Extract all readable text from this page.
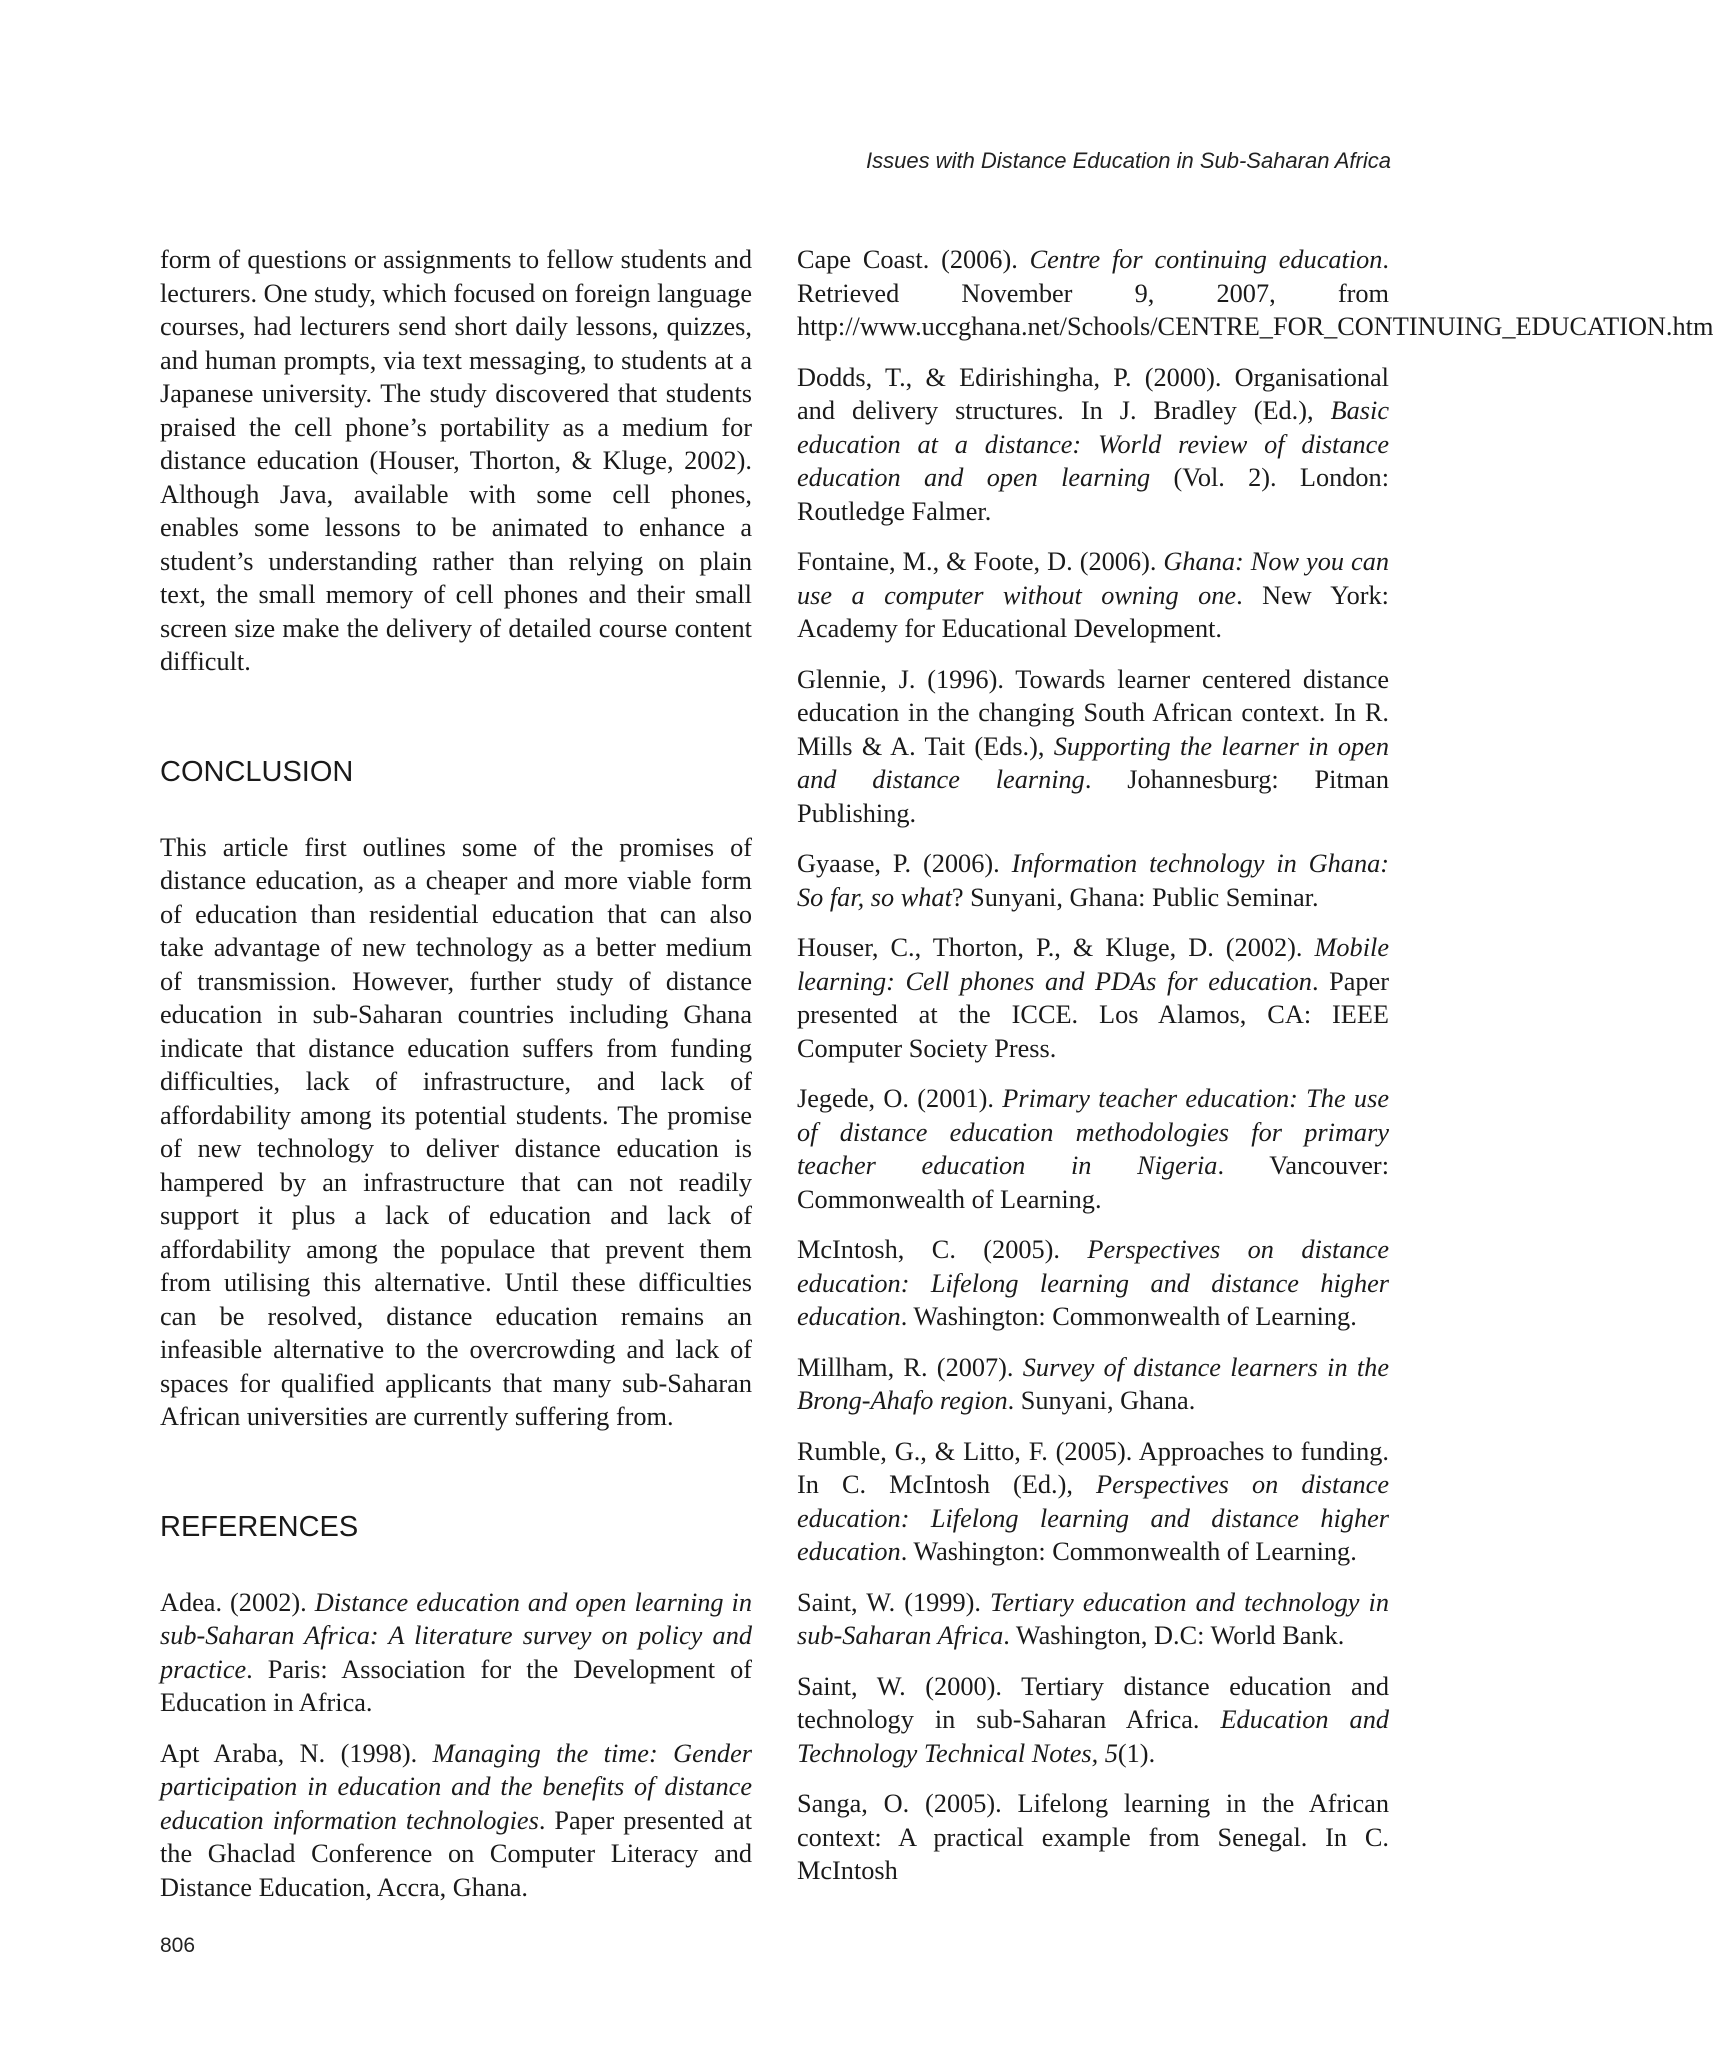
Issues with Distance Education in Sub-Saharan Africa

form of questions or assignments to fellow students and lecturers. One study, which focused on foreign language courses, had lecturers send short daily lessons, quizzes, and human prompts, via text messaging, to students at a Japanese university. The study discovered that students praised the cell phone’s portability as a medium for distance education (Houser, Thorton, & Kluge, 2002). Although Java, available with some cell phones, enables some lessons to be animated to enhance a student’s understanding rather than relying on plain text, the small memory of cell phones and their small screen size make the delivery of detailed course content difficult.

CONCLUSION

This article first outlines some of the promises of distance education, as a cheaper and more viable form of education than residential education that can also take advantage of new technology as a better medium of transmission. However, further study of distance education in sub-Saharan countries including Ghana indicate that distance education suffers from funding difficulties, lack of infrastructure, and lack of affordability among its potential students. The promise of new technology to deliver distance education is hampered by an infrastructure that can not readily support it plus a lack of education and lack of affordability among the populace that prevent them from utilising this alternative. Until these difficulties can be resolved, distance education remains an infeasible alternative to the overcrowding and lack of spaces for qualified applicants that many sub-Saharan African universities are currently suffering from.

REFERENCES

Adea. (2002). Distance education and open learning in sub-Saharan Africa: A literature survey on policy and practice. Paris: Association for the Development of Education in Africa.

Apt Araba, N. (1998). Managing the time: Gender participation in education and the benefits of distance education information technologies. Paper presented at the Ghaclad Conference on Computer Literacy and Distance Education, Accra, Ghana.

Cape Coast. (2006). Centre for continuing education. Retrieved November 9, 2007, from http://www.uccghana.net/Schools/CENTRE_FOR_CONTINUING_EDUCATION.htm

Dodds, T., & Edirishingha, P. (2000). Organisational and delivery structures. In J. Bradley (Ed.), Basic education at a distance: World review of distance education and open learning (Vol. 2). London: Routledge Falmer.

Fontaine, M., & Foote, D. (2006). Ghana: Now you can use a computer without owning one. New York: Academy for Educational Development.

Glennie, J. (1996). Towards learner centered distance education in the changing South African context. In R. Mills & A. Tait (Eds.), Supporting the learner in open and distance learning. Johannesburg: Pitman Publishing.

Gyaase, P. (2006). Information technology in Ghana: So far, so what? Sunyani, Ghana: Public Seminar.

Houser, C., Thorton, P., & Kluge, D. (2002). Mobile learning: Cell phones and PDAs for education. Paper presented at the ICCE. Los Alamos, CA: IEEE Computer Society Press.

Jegede, O. (2001). Primary teacher education: The use of distance education methodologies for primary teacher education in Nigeria. Vancouver: Commonwealth of Learning.

McIntosh, C. (2005). Perspectives on distance education: Lifelong learning and distance higher education. Washington: Commonwealth of Learning.

Millham, R. (2007). Survey of distance learners in the Brong-Ahafo region. Sunyani, Ghana.

Rumble, G., & Litto, F. (2005). Approaches to funding. In C. McIntosh (Ed.), Perspectives on distance education: Lifelong learning and distance higher education. Washington: Commonwealth of Learning.

Saint, W. (1999). Tertiary education and technology in sub-Saharan Africa. Washington, D.C: World Bank.

Saint, W. (2000). Tertiary distance education and technology in sub-Saharan Africa. Education and Technology Technical Notes, 5(1).

Sanga, O. (2005). Lifelong learning in the African context: A practical example from Senegal. In C. McIntosh

806
